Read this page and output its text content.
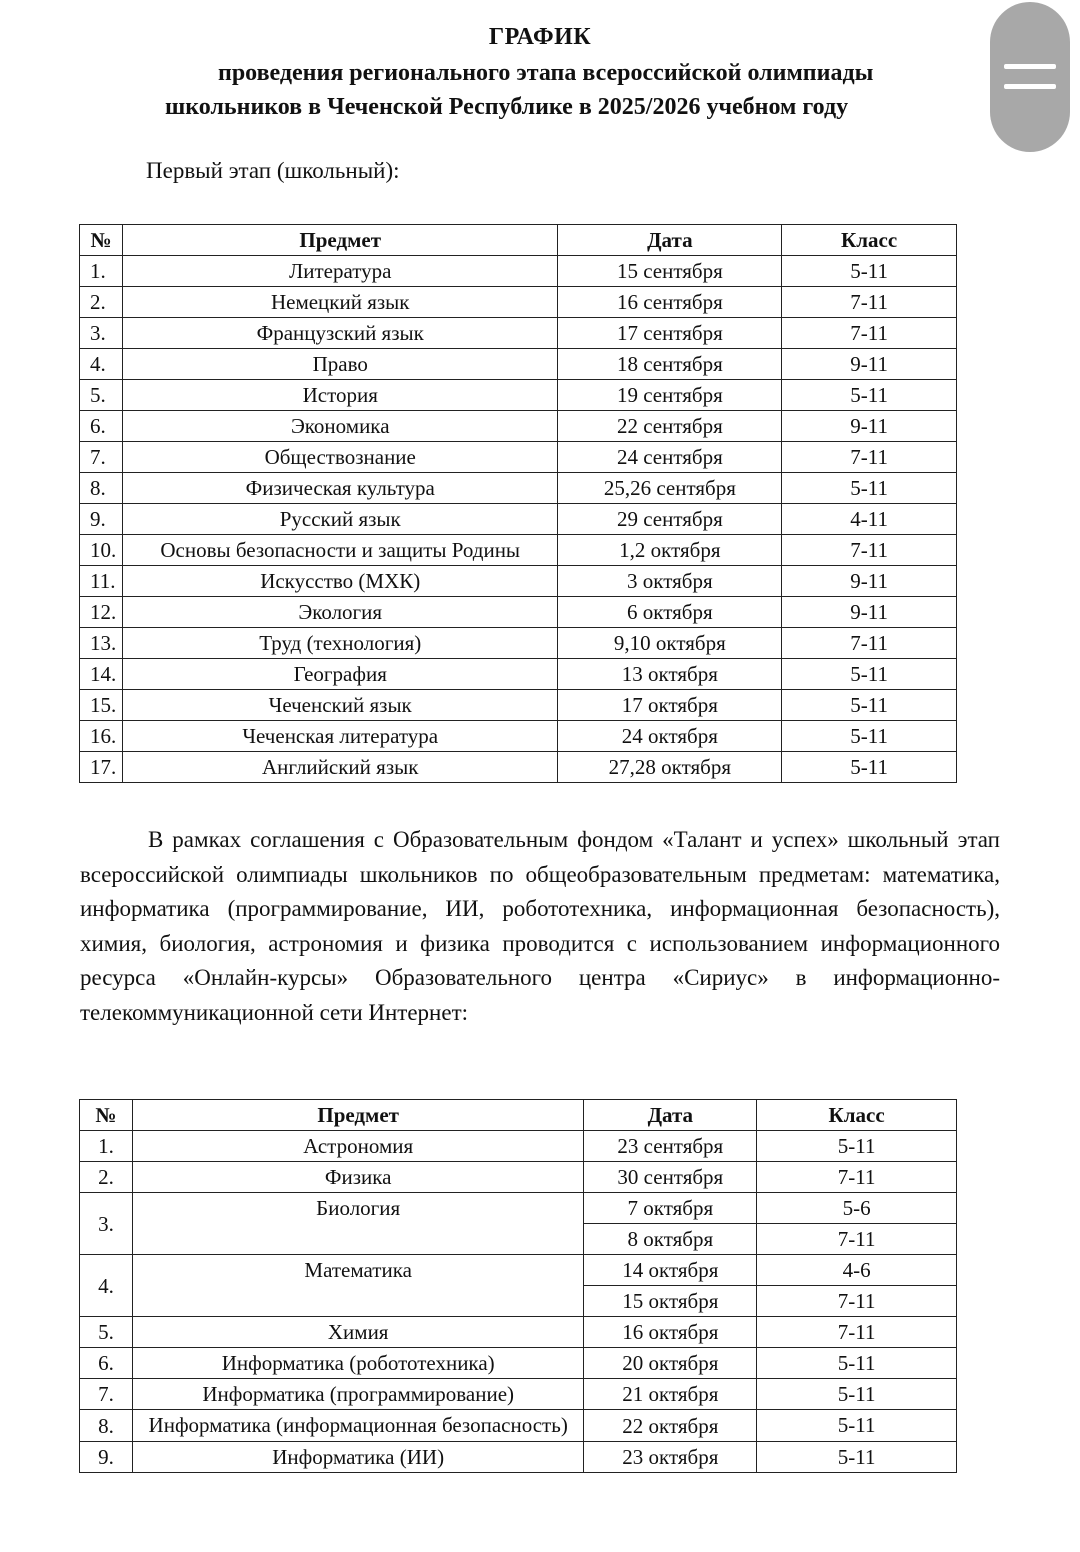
ГРАФИК
проведения регионального этапа всероссийской олимпиады
школьников в Чеченской Республике в 2025/2026 учебном году
Первый этап (школьный):
№	Предмет	Дата	Класс
1.	Литература	15 сентября	5-11
2.	Немецкий язык	16 сентября	7-11
3.	Французский язык	17 сентября	7-11
4.	Право	18 сентября	9-11
5.	История	19 сентября	5-11
6.	Экономика	22 сентября	9-11
7.	Обществознание	24 сентября	7-11
8.	Физическая культура	25,26 сентября	5-11
9.	Русский язык	29 сентября	4-11
10.	Основы безопасности и защиты Родины	1,2 октября	7-11
11.	Искусство (МХК)	3 октября	9-11
12.	Экология	6 октября	9-11
13.	Труд (технология)	9,10 октября	7-11
14.	География	13 октября	5-11
15.	Чеченский язык	17 октября	5-11
16.	Чеченская литература	24 октября	5-11
17.	Английский язык	27,28 октября	5-11
В рамках соглашения с Образовательным фондом «Талант и успех» школьный этап всероссийской олимпиады школьников по общеобразовательным предметам: математика, информатика (программирование, ИИ, робототехника, информационная безопасность), химия, биология, астрономия и физика проводится с использованием информационного ресурса «Онлайн-курсы» Образовательного центра «Сириус» в информационно-телекоммуникационной сети Интернет:
№	Предмет	Дата	Класс
1.	Астрономия	23 сентября	5-11
2.	Физика	30 сентября	7-11
3.	Биология	7 октября	5-6
		8 октября	7-11
4.	Математика	14 октября	4-6
		15 октября	7-11
5.	Химия	16 октября	7-11
6.	Информатика (робототехника)	20 октября	5-11
7.	Информатика (программирование)	21 октября	5-11
8.	Информатика (информационная безопасность)	22 октября	5-11
9.	Информатика (ИИ)	23 октября	5-11
